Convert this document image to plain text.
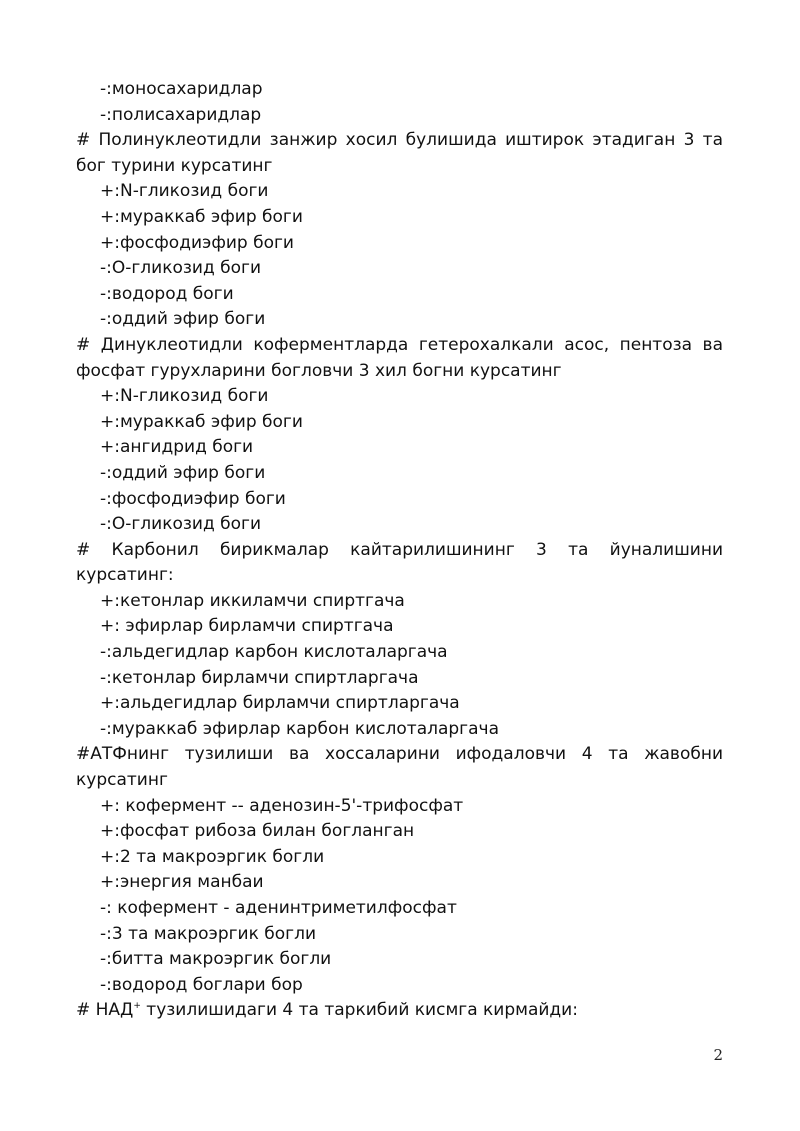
-:моносахаридлар
-:полисахаридлар
# Полинуклеотидли занжир хосил булишида иштирок этадиган 3 та бог турини курсатинг
+:N-гликозид боги
+:мураккаб эфир боги
+:фосфодиэфир боги
-:О-гликозид боги
-:водород боги
-:оддий эфир боги
# Динуклеотидли коферментларда гетерохалкали асос, пентоза ва фосфат гурухларини богловчи 3 хил богни курсатинг
+:N-гликозид боги
+:мураккаб эфир боги
+:ангидрид боги
-:оддий эфир боги
-:фосфодиэфир боги
-:О-гликозид боги
# Карбонил бирикмалар кайтарилишининг 3 та йуналишини курсатинг:
+:кетонлар иккиламчи спиртгача
+: эфирлар бирламчи спиртгача
-:альдегидлар карбон кислоталаргача
-:кетонлар бирламчи спиртларгача
+:альдегидлар бирламчи спиртларгача
-:мураккаб эфирлар карбон кислоталаргача
#АТФнинг тузилиши ва хоссаларини ифодаловчи 4 та жавобни курсатинг
+: кофермент -- аденозин-5'-трифосфат
+:фосфат рибоза билан богланган
+:2 та макроэргик богли
+:энергия манбаи
-: кофермент - аденинтриметилфосфат
-:3 та макроэргик богли
-:битта макроэргик богли
-:водород боглари бор
# НАД+ тузилишидаги 4 та таркибий кисмга кирмайди:
2
